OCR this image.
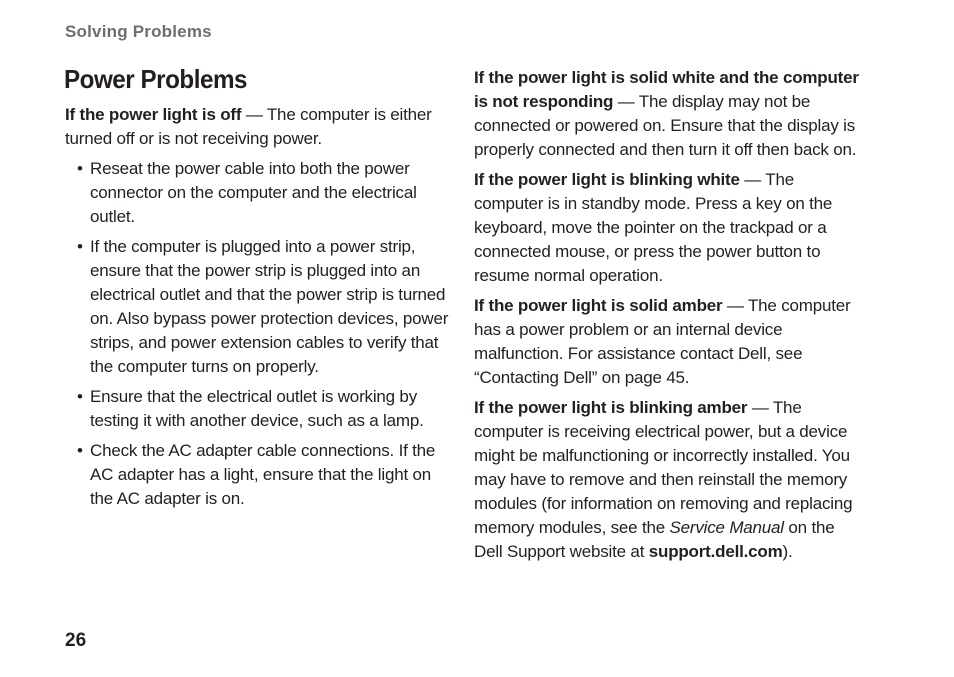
Solving Problems
Power Problems

If the power light is off — The computer is either turned off or is not receiving power.

• Reseat the power cable into both the power connector on the computer and the electrical outlet.
• If the computer is plugged into a power strip, ensure that the power strip is plugged into an electrical outlet and that the power strip is turned on. Also bypass power protection devices, power strips, and power extension cables to verify that the computer turns on properly.
• Ensure that the electrical outlet is working by testing it with another device, such as a lamp.
• Check the AC adapter cable connections. If the AC adapter has a light, ensure that the light on the AC adapter is on.

If the power light is solid white and the computer is not responding — The display may not be connected or powered on. Ensure that the display is properly connected and then turn it off then back on.

If the power light is blinking white — The computer is in standby mode. Press a key on the keyboard, move the pointer on the trackpad or a connected mouse, or press the power button to resume normal operation.

If the power light is solid amber — The computer has a power problem or an internal device malfunction. For assistance contact Dell, see “Contacting Dell” on page 45.

If the power light is blinking amber — The computer is receiving electrical power, but a device might be malfunctioning or incorrectly installed. You may have to remove and then reinstall the memory modules (for information on removing and replacing memory modules, see the Service Manual on the Dell Support website at support.dell.com).

26
